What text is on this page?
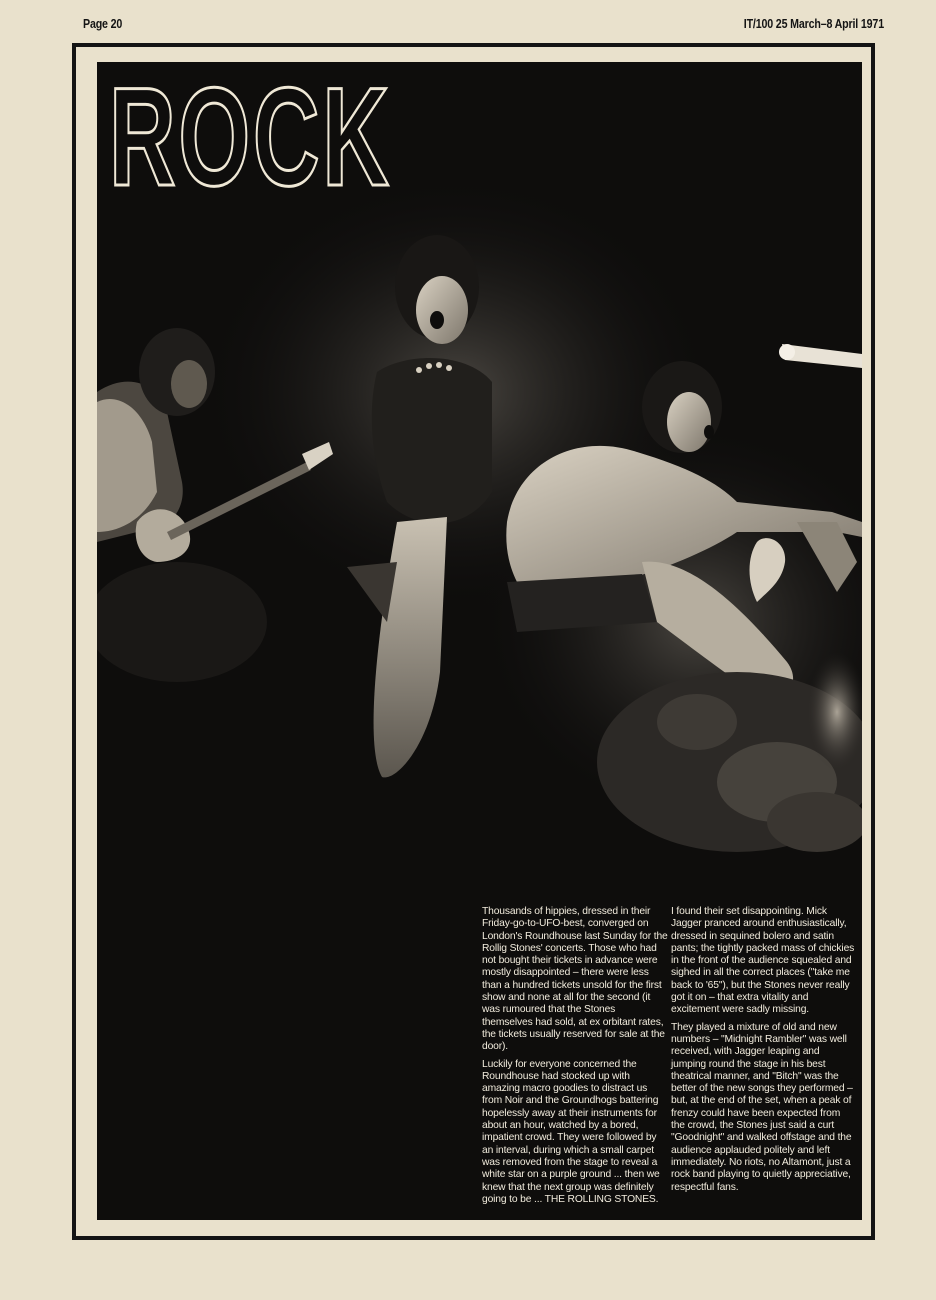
Page 20	IT/100 25 March–8 April 1971
ROCK

Thousands of hippies, dressed in their Friday-go-to-UFO-best, converged on London's Roundhouse last Sunday for the Rollig Stones' concerts. Those who had not bought their tickets in advance were mostly disappointed – there were less than a hundred tickets unsold for the first show and none at all for the second (it was rumoured that the Stones themselves had sold, at ex orbitant rates, the tickets usually reserved for sale at the door).

Luckily for everyone concerned the Roundhouse had stocked up with amazing macro goodies to distract us from Noir and the Groundhogs battering hopelessly away at their instruments for about an hour, watched by a bored, impatient crowd. They were followed by an interval, during which a small carpet was removed from the stage to reveal a white star on a purple ground ... then we knew that the next group was definitely going to be ... THE ROLLING STONES.

I found their set disappointing. Mick Jagger pranced around enthusiastically, dressed in sequined bolero and satin pants; the tightly packed mass of chickies in the front of the audience squealed and sighed in all the correct places ("take me back to '65"), but the Stones never really got it on – that extra vitality and excitement were sadly missing.

They played a mixture of old and new numbers – "Midnight Rambler" was well received, with Jagger leaping and jumping round the stage in his best theatrical manner, and "Bitch" was the better of the new songs they performed – but, at the end of the set, when a peak of frenzy could have been expected from the crowd, the Stones just said a curt "Goodnight" and walked offstage and the audience applauded politely and left immediately. No riots, no Altamont, just a rock band playing to quietly appreciative, respectful fans.
